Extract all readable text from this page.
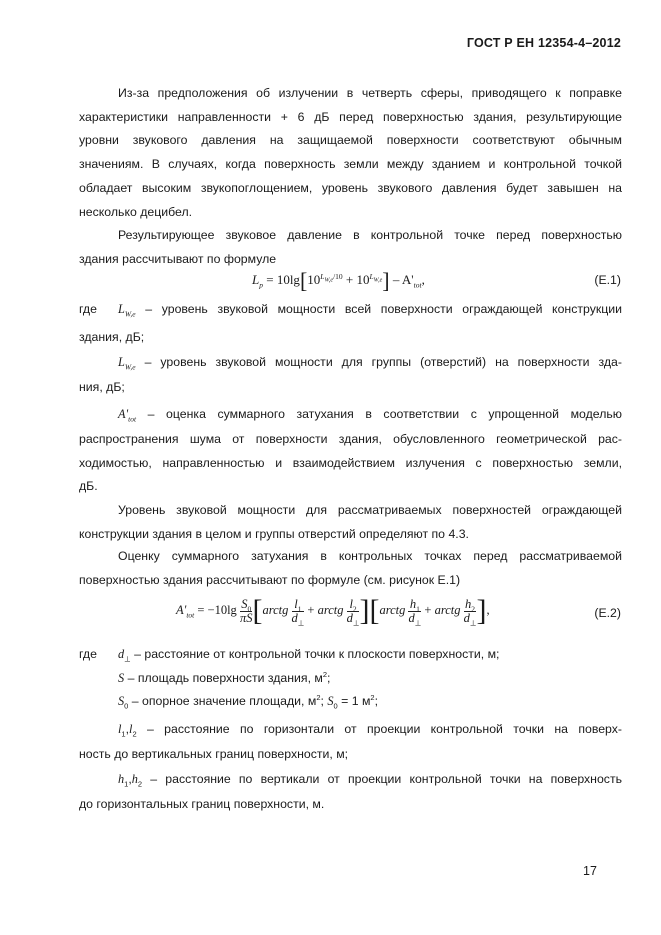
ГОСТ Р ЕН 12354-4–2012
Из-за предположения об излучении в четверть сферы, приводящего к поправке
характеристики направленности + 6 дБ перед поверхностью здания, результирующие
уровни звукового давления на защищаемой поверхности соответствуют обычным
значениям. В случаях, когда поверхность земли между зданием и контрольной точкой
обладает высоким звукопоглощением, уровень звукового давления будет завышен на
несколько децибел.
Результирующее звуковое давление в контрольной точке перед поверхностью
здания рассчитывают по формуле
$L_p = 10\lg[10^{L_{W,e}/10} + 10^{L_{W,e}}] - A'_{tot}$,	(E.1)
где $L_{W,e}$ – уровень звуковой мощности всей поверхности ограждающей конструкции
здания, дБ;
$L_{W,e}$ – уровень звуковой мощности для группы (отверстий) на поверхности зда-
ния, дБ;
$A'_{tot}$ – оценка суммарного затухания в соответствии с упрощенной моделью
распространения шума от поверхности здания, обусловленного геометрической рас-
ходимостью, направленностью и взаимодействием излучения с поверхностью земли,
дБ.
Уровень звуковой мощности для рассматриваемых поверхностей ограждающей
конструкции здания в целом и группы отверстий определяют по 4.3.
Оценку суммарного затухания в контрольных точках перед рассматриваемой
поверхностью здания рассчитывают по формуле (см. рисунок Е.1)
$A'_{tot} = -10\lg \frac{S_0}{\pi S}$ [arctg $\frac{l_1}{d_\perp}$ + arctg $\frac{l_2}{d_\perp}$ ][arctg $\frac{h_1}{d_\perp}$ + arctg $\frac{h_2}{d_\perp}$ ],	(E.2)
где $d_\perp$ – расстояние от контрольной точки к плоскости поверхности, м;
S – площадь поверхности здания, $м^2$;
$S_0$ – опорное значение площади, $м^2$; $S_0 = 1$ $м^2$;
$l_1,l_2$ – расстояние по горизонтали от проекции контрольной точки на поверх-
ность до вертикальных границ поверхности, м;
$h_1,h_2$ – расстояние по вертикали от проекции контрольной точки на поверхность
до горизонтальных границ поверхности, м.
17
